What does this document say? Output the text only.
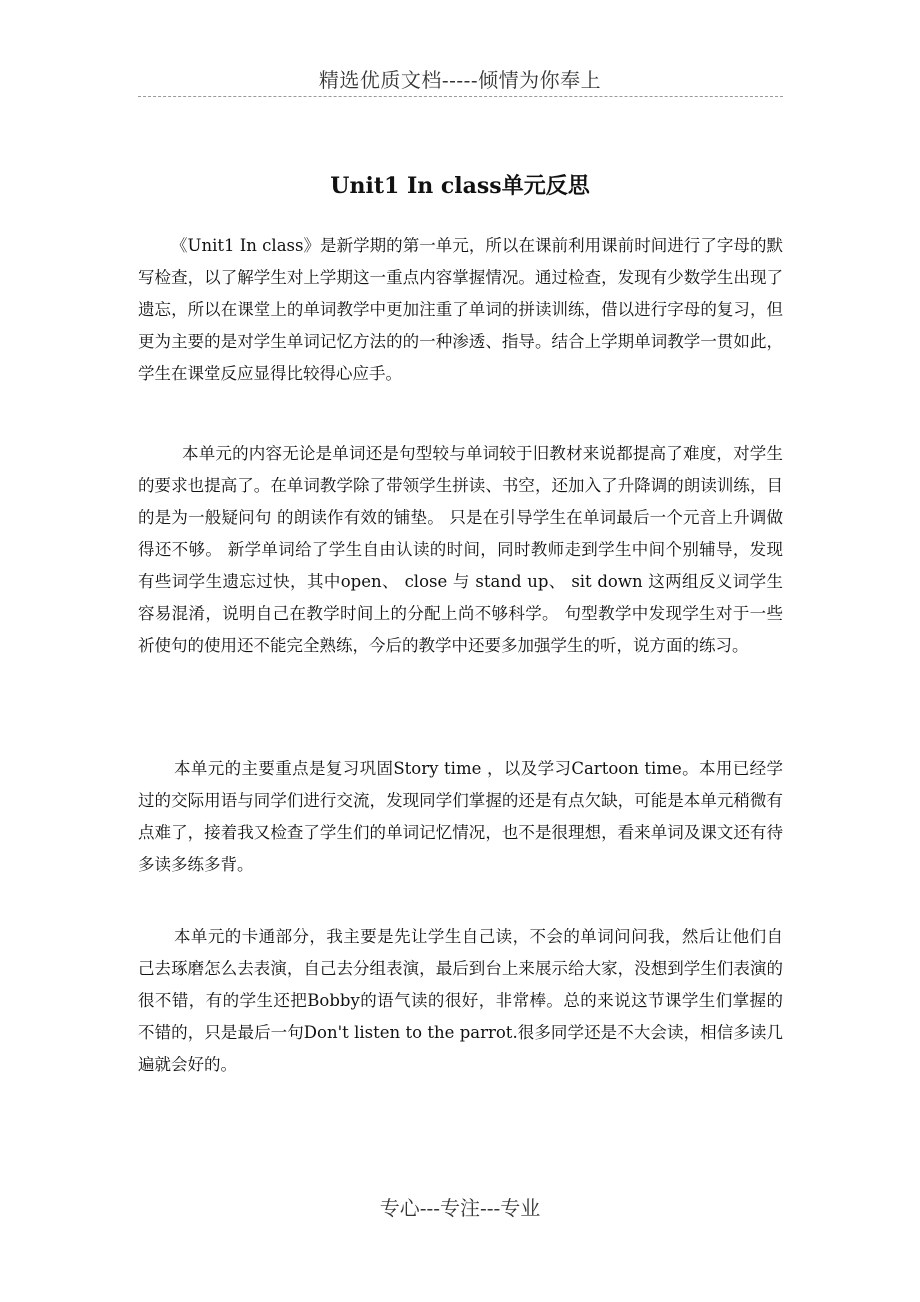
精选优质文档-----倾情为你奉上
Unit1 In class单元反思

《Unit1 In class》是新学期的第一单元，所以在课前利用课前时间进行了字母的默写检查，以了解学生对上学期这一重点内容掌握情况。通过检查，发现有少数学生出现了遗忘，所以在课堂上的单词教学中更加注重了单词的拼读训练，借以进行字母的复习，但更为主要的是对学生单词记忆方法的的一种渗透、指导。结合上学期单词教学一贯如此，学生在课堂反应显得比较得心应手。

本单元的内容无论是单词还是句型较与单词较于旧教材来说都提高了难度，对学生的要求也提高了。在单词教学除了带领学生拼读、书空，还加入了升降调的朗读训练，目的是为一般疑问句 的朗读作有效的铺垫。 只是在引导学生在单词最后一个元音上升调做得还不够。 新学单词给了学生自由认读的时间，同时教师走到学生中间个别辅导，发现有些词学生遗忘过快，其中open、 close 与 stand up、 sit down 这两组反义词学生容易混淆，说明自己在教学时间上的分配上尚不够科学。 句型教学中发现学生对于一些祈使句的使用还不能完全熟练，今后的教学中还要多加强学生的听，说方面的练习。

本单元的主要重点是复习巩固Story time ，以及学习Cartoon time。本用已经学过的交际用语与同学们进行交流，发现同学们掌握的还是有点欠缺，可能是本单元稍微有点难了，接着我又检查了学生们的单词记忆情况，也不是很理想，看来单词及课文还有待多读多练多背。

本单元的卡通部分，我主要是先让学生自己读，不会的单词问问我，然后让他们自己去琢磨怎么去表演，自己去分组表演，最后到台上来展示给大家，没想到学生们表演的很不错，有的学生还把Bobby的语气读的很好，非常棒。总的来说这节课学生们掌握的不错的，只是最后一句Don't listen to the parrot.很多同学还是不大会读，相信多读几遍就会好的。

专心---专注---专业
